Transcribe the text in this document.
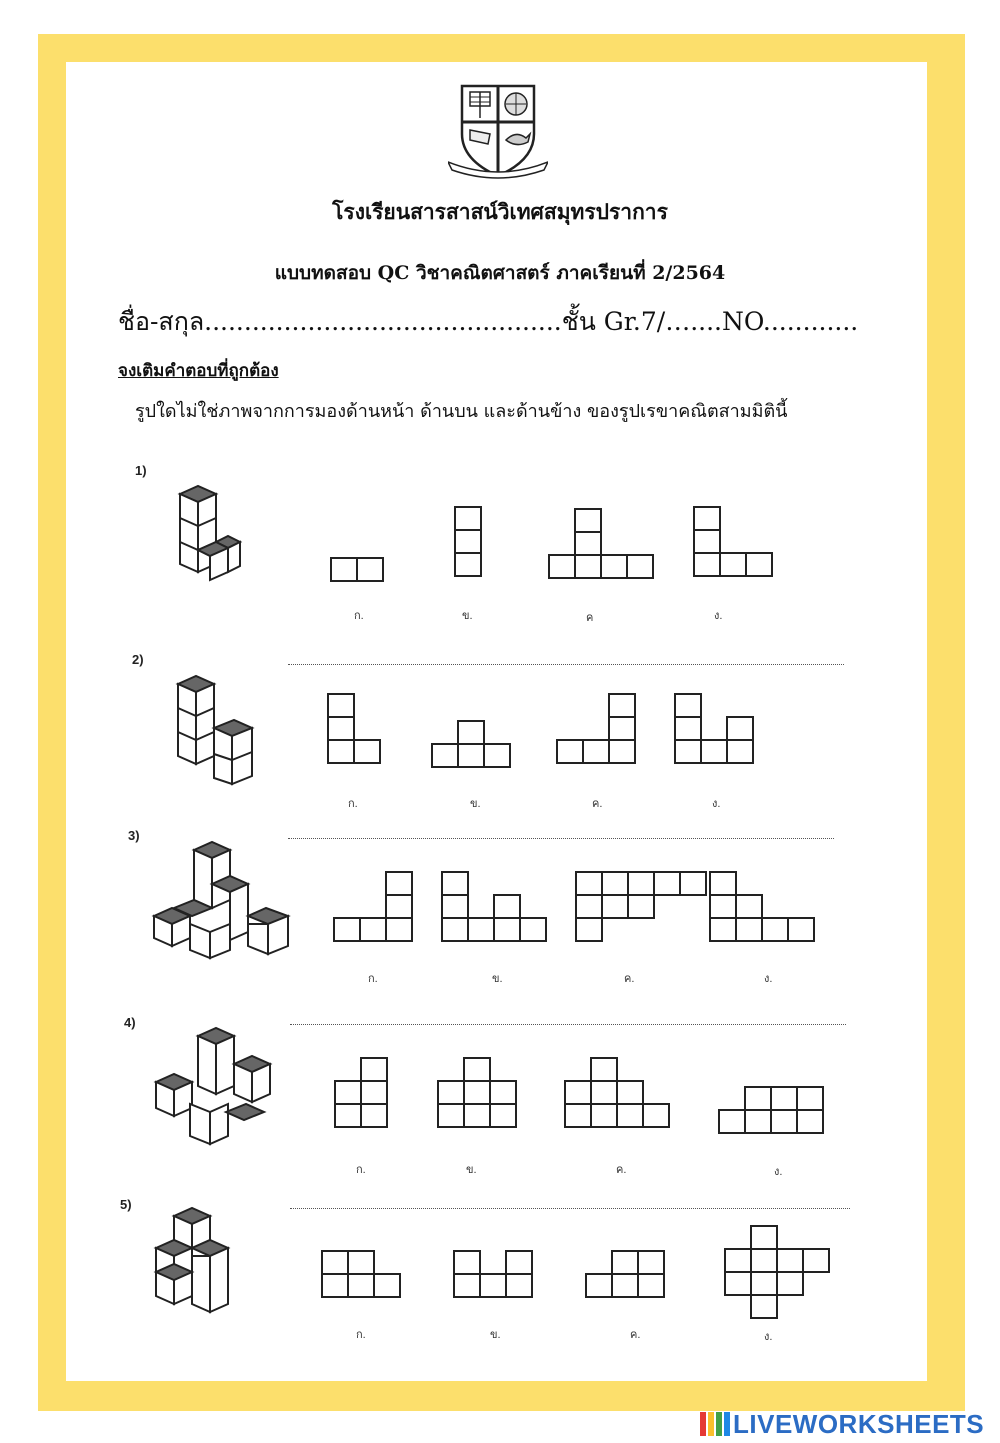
โรงเรียนสารสาสน์วิเทศสมุทรปราการ
แบบทดสอบ QC วิชาคณิตศาสตร์ ภาคเรียนที่ 2/2564
ชื่อ-สกุล.............................................ชั้น Gr.7/…....NO............
จงเติมคำตอบที่ถูกต้อง
รูปใดไม่ใช่ภาพจากการมองด้านหน้า ด้านบน และด้านข้าง ของรูปเรขาคณิตสามมิตินี้
1)
2)
3)
4)
5)
ก.	ข.	ค	ง.
ก.	ข.	ค.	ง.
ก.	ข.	ค.	ง.
ก.	ข.	ค.	ง.
ก.	ข.	ค.	ง.
LIVEWORKSHEETS
